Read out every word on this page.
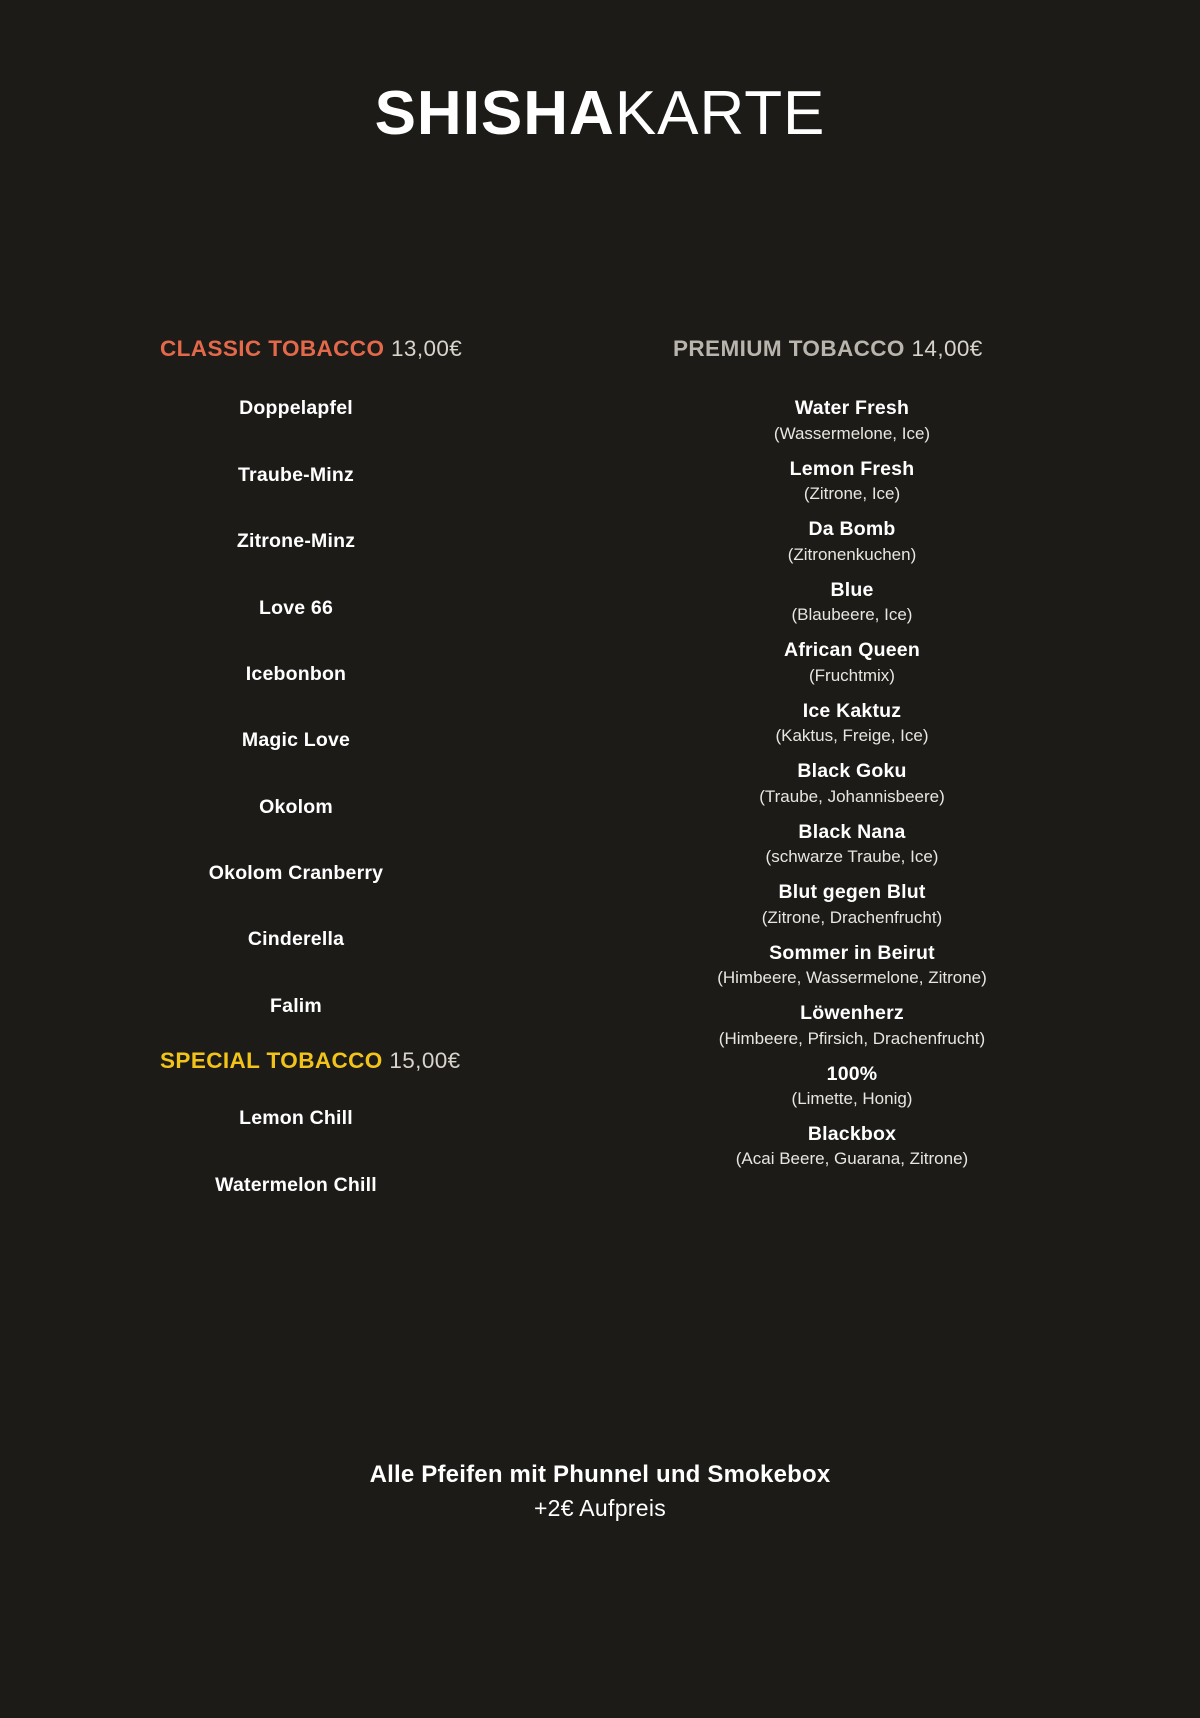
SHISHAKARTE
CLASSIC TOBACCO 13,00€
Doppelapfel
Traube-Minz
Zitrone-Minz
Love 66
Icebonbon
Magic Love
Okolom
Okolom Cranberry
Cinderella
Falim
SPECIAL TOBACCO 15,00€
Lemon Chill
Watermelon Chill
PREMIUM TOBACCO 14,00€
Water Fresh
(Wassermelone, Ice)
Lemon Fresh
(Zitrone, Ice)
Da Bomb
(Zitronenkuchen)
Blue
(Blaubeere, Ice)
African Queen
(Fruchtmix)
Ice Kaktuz
(Kaktus, Freige, Ice)
Black Goku
(Traube, Johannisbeere)
Black Nana
(schwarze Traube, Ice)
Blut gegen Blut
(Zitrone, Drachenfrucht)
Sommer in Beirut
(Himbeere, Wassermelone, Zitrone)
Löwenherz
(Himbeere, Pfirsich, Drachenfrucht)
100%
(Limette, Honig)
Blackbox
(Acai Beere, Guarana, Zitrone)
Alle Pfeifen mit Phunnel und Smokebox
+2€ Aufpreis
